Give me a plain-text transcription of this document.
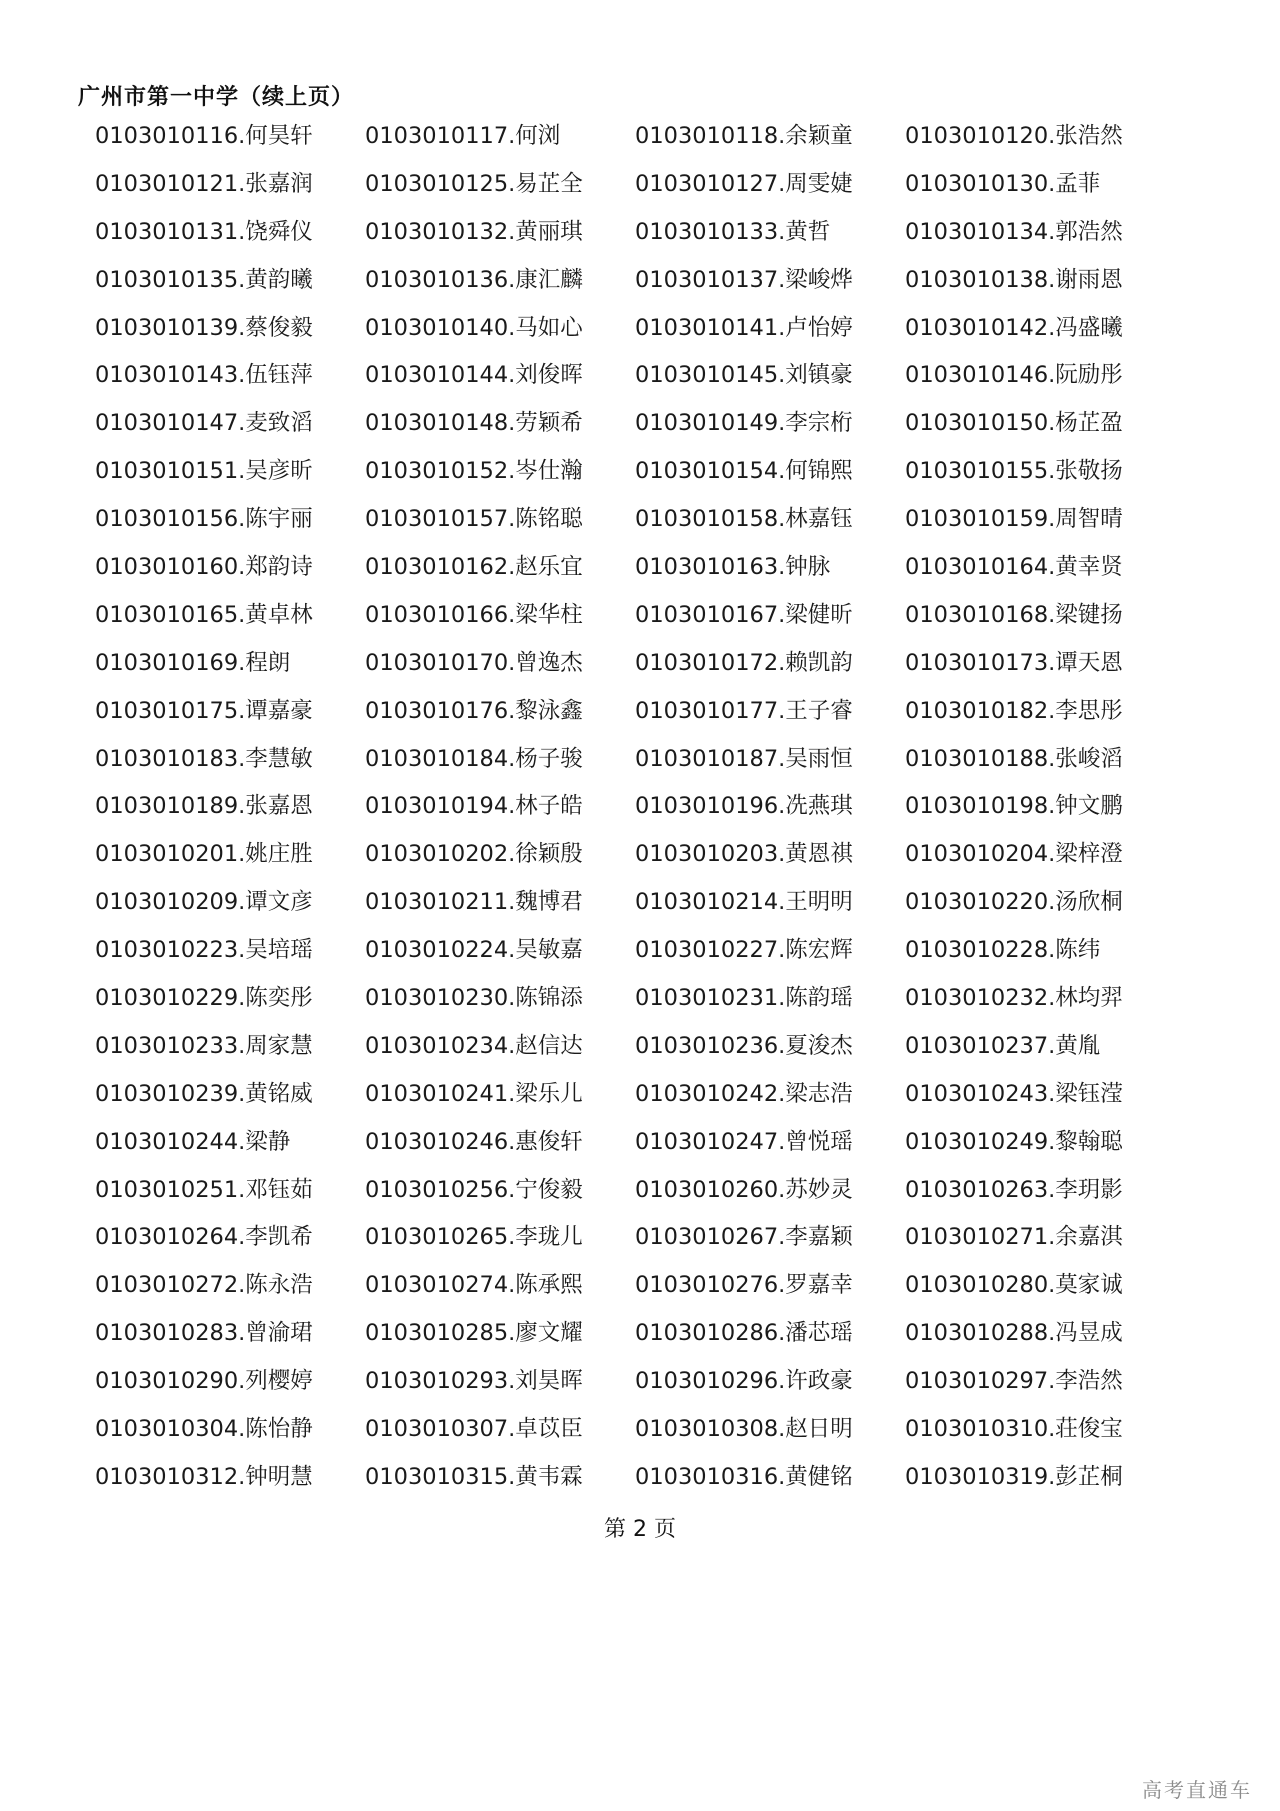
广州市第一中学（续上页）
0103010116.何昊轩	0103010117.何浏	0103010118.余颖童	0103010120.张浩然
0103010121.张嘉润	0103010125.易芷全	0103010127.周雯婕	0103010130.孟菲
0103010131.饶舜仪	0103010132.黄丽琪	0103010133.黄哲	0103010134.郭浩然
0103010135.黄韵曦	0103010136.康汇麟	0103010137.梁峻烨	0103010138.谢雨恩
0103010139.蔡俊毅	0103010140.马如心	0103010141.卢怡婷	0103010142.冯盛曦
0103010143.伍钰萍	0103010144.刘俊晖	0103010145.刘镇豪	0103010146.阮励彤
0103010147.麦致滔	0103010148.劳颖希	0103010149.李宗桁	0103010150.杨芷盈
0103010151.吴彦昕	0103010152.岑仕瀚	0103010154.何锦熙	0103010155.张敬扬
0103010156.陈宇丽	0103010157.陈铭聪	0103010158.林嘉钰	0103010159.周智晴
0103010160.郑韵诗	0103010162.赵乐宜	0103010163.钟脉	0103010164.黄幸贤
0103010165.黄卓林	0103010166.梁华柱	0103010167.梁健昕	0103010168.梁键扬
0103010169.程朗	0103010170.曾逸杰	0103010172.赖凯韵	0103010173.谭天恩
0103010175.谭嘉豪	0103010176.黎泳鑫	0103010177.王子睿	0103010182.李思彤
0103010183.李慧敏	0103010184.杨子骏	0103010187.吴雨恒	0103010188.张峻滔
0103010189.张嘉恩	0103010194.林子皓	0103010196.冼燕琪	0103010198.钟文鹏
0103010201.姚庄胜	0103010202.徐颖殷	0103010203.黄恩祺	0103010204.梁梓澄
0103010209.谭文彦	0103010211.魏博君	0103010214.王明明	0103010220.汤欣桐
0103010223.吴培瑶	0103010224.吴敏嘉	0103010227.陈宏辉	0103010228.陈纬
0103010229.陈奕彤	0103010230.陈锦添	0103010231.陈韵瑶	0103010232.林均羿
0103010233.周家慧	0103010234.赵信达	0103010236.夏浚杰	0103010237.黄胤
0103010239.黄铭威	0103010241.梁乐儿	0103010242.梁志浩	0103010243.梁钰滢
0103010244.梁静	0103010246.惠俊轩	0103010247.曾悦瑶	0103010249.黎翰聪
0103010251.邓钰茹	0103010256.宁俊毅	0103010260.苏妙灵	0103010263.李玥影
0103010264.李凯希	0103010265.李珑儿	0103010267.李嘉颖	0103010271.余嘉淇
0103010272.陈永浩	0103010274.陈承熙	0103010276.罗嘉幸	0103010280.莫家诚
0103010283.曾渝珺	0103010285.廖文耀	0103010286.潘芯瑶	0103010288.冯昱成
0103010290.列樱婷	0103010293.刘昊晖	0103010296.许政豪	0103010297.李浩然
0103010304.陈怡静	0103010307.卓苡臣	0103010308.赵日明	0103010310.荘俊宝
0103010312.钟明慧	0103010315.黄韦霖	0103010316.黄健铭	0103010319.彭芷桐
第 2 页
高考直通车
